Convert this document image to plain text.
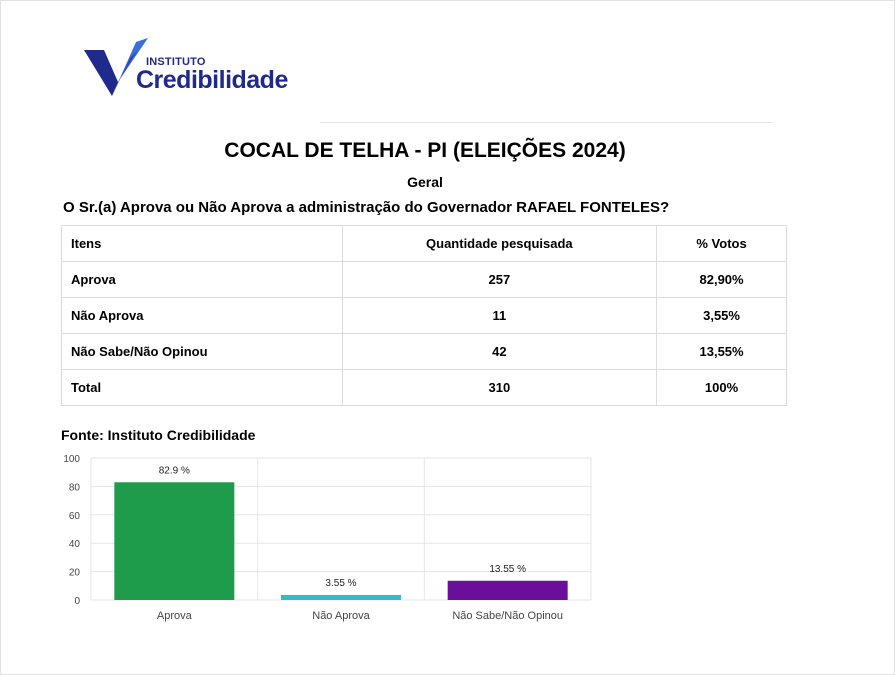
INSTITUTO
Credibilidade
COCAL DE TELHA - PI (ELEIÇÕES 2024)
Geral
O Sr.(a) Aprova ou Não Aprova a administração do Governador RAFAEL FONTELES?
Itens	Quantidade pesquisada	% Votos
Aprova	257	82,90%
Não Aprova	11	3,55%
Não Sabe/Não Opinou	42	13,55%
Total	310	100%
Fonte: Instituto Credibilidade
100
80
60
40
20
0
82.9 %
Aprova
3.55 %
Não Aprova
13.55 %
Não Sabe/Não Opinou
